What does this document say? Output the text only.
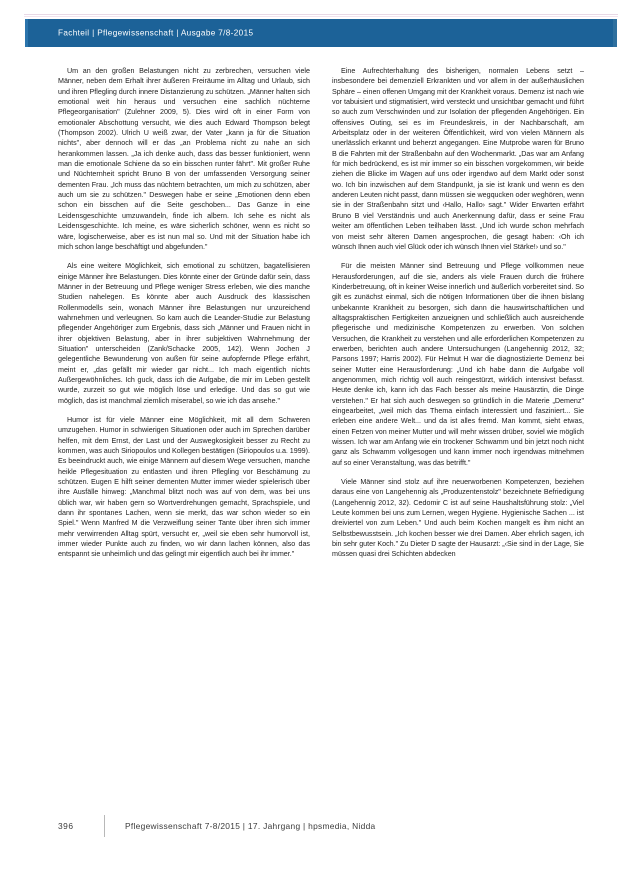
Fachteil | Pflegewissenschaft | Ausgabe 7/8-2015

Um an den großen Belastungen nicht zu zerbrechen, versuchen viele Männer, neben dem Erhalt ihrer äußeren Freiräume im Alltag und Urlaub, sich und ihren Pflegling durch innere Distanzierung zu schützen. „Männer halten sich emotional weit hin heraus und versuchen eine sachlich nüchterne Pflegeorganisation" (Zulehner 2009, 5). Dies wird oft in einer Form von emotionaler Abschottung versucht, wie dies auch Edward Thompson belegt (Thompson 2002). Ulrich U weiß zwar, der Vater „kann ja für die Situation nichts", aber dennoch will er das „an Problema nicht zu nahe an sich herankommen lassen. „Ja ich denke auch, dass das besser funktioniert, wenn man die emotionale Schiene da so ein bisschen runter fährt". Mit großer Ruhe und Nüchternheit spricht Bruno B von der umfassenden Versorgung seiner dementen Frau. „Ich muss das nüchtern betrachten, um mich zu schützen, aber auch um sie zu schützen." Deswegen habe er seine „Emotionen denn eben schon ein bisschen auf die Seite geschoben... Das Ganze in eine Leidensgeschichte umzuwandeln, finde ich albern. Ich sehe es nicht als Leidensgeschichte. Ich meine, es wäre sicherlich schöner, wenn es nicht so wäre, logischerweise, aber es ist nun mal so. Und mit der Situation habe ich mich schon lange beschäftigt und abgefunden."

Als eine weitere Möglichkeit, sich emotional zu schützen, bagatellisieren einige Männer ihre Belastungen. Dies könnte einer der Gründe dafür sein, dass Männer in der Betreuung und Pflege weniger Stress erleben, wie dies manche Studien nahelegen. Es könnte aber auch Ausdruck des klassischen Rollenmodells sein, wonach Männer ihre Belastungen nur unzureichend wahrnehmen und verleugnen. So kam auch die Leander-Studie zur Belastung pflegender Angehöriger zum Ergebnis, dass sich „Männer und Frauen nicht in ihrer objektiven Belastung, aber in ihrer subjektiven Wahrnehmung der Situation" unterscheiden (Zank/Schacke 2005, 142). Wenn Jochen J gelegentliche Bewunderung von außen für seine aufopfernde Pflege erfährt, meint er, „das gefällt mir wieder gar nicht... Ich mach eigentlich nichts Außergewöhnliches. Ich guck, dass ich die Aufgabe, die mir im Leben gestellt wurde, zurzeit so gut wie möglich löse und erledige. Und das so gut wie möglich, das ist manchmal ziemlich miserabel, so wie ich das ansehe."

Humor ist für viele Männer eine Möglichkeit, mit all dem Schweren umzugehen. Humor in schwierigen Situationen oder auch im Sprechen darüber helfen, mit dem Ernst, der Last und der Auswegkosigkeit besser zu Recht zu kommen, was auch Siriopoulos und Kollegen bestätigen (Siriopoulos u.a. 1999). Es beeindruckt auch, wie einige Männern auf diesem Wege versuchen, manche heikle Pflegesituation zu entlasten und ihren Pflegling vor Beschämung zu schützen. Eugen E hilft seiner dementen Mutter immer wieder spielerisch über ihre Ausfälle hinweg: „Manchmal blitzt noch was auf von dem, was bei uns üblich war, wir haben gern so Wortverdrehungen gemacht, Sprachspiele, und dann ihr spontanes Lachen, wenn sie merkt, das war schon wieder so ein Spiel." Wenn Manfred M die Verzweiflung seiner Tante über ihren sich immer mehr verwirrenden Alltag spürt, versucht er, „weil sie eben sehr humorvoll ist, immer wieder Punkte auch zu finden, wo wir dann lachen können, also das entspannt sie unheimlich und das gelingt mir eigentlich auch bei ihr immer."

Eine Aufrechterhaltung des bisherigen, normalen Lebens setzt – insbesondere bei demenziell Erkrankten und vor allem in der außerhäuslichen Sphäre – einen offenen Umgang mit der Krankheit voraus. Demenz ist nach wie vor tabuisiert und stigmatisiert, wird versteckt und unsichtbar gemacht und führt so auch zum Verschwinden und zur Isolation der pflegenden Angehörigen. Ein offensives Outing, sei es im Freundeskreis, in der Nachbarschaft, am Arbeitsplatz oder in der weiteren Öffentlichkeit, wird von vielen Männern als unerlässlich erkannt und beherzt angegangen. Eine Mutprobe waren für Bruno B die Fahrten mit der Straßenbahn auf den Wochenmarkt. „Das war am Anfang für mich bedrückend, es ist mir immer so ein bisschen vorgekommen, wir beide ziehen die Blicke im Wagen auf uns oder irgendwo auf dem Markt oder sonst wo. Ich bin inzwischen auf dem Standpunkt, ja sie ist krank und wenn es den anderen Leuten nicht passt, dann müssen sie wegqucken oder weghören, wenn sie in der Straßenbahn sitzt und ‹Hallo, Hallo› sagt." Wider Erwarten erfährt Bruno B viel Verständnis und auch Anerkennung dafür, dass er seine Frau weiter am öffentlichen Leben teilhaben lässt. „Und ich wurde schon mehrfach von meist sehr älteren Damen angesprochen, die gesagt haben: ‹Oh ich wünsch Ihnen auch viel Glück oder ich wünsch Ihnen viel Stärke!› und so."

Für die meisten Männer sind Betreuung und Pflege vollkommen neue Herausforderungen, auf die sie, anders als viele Frauen durch die frühere Kinderbetreuung, oft in keiner Weise innerlich und äußerlich vorbereitet sind. So gilt es zunächst einmal, sich die nötigen Informationen über die ihnen bislang unbekannte Krankheit zu besorgen, sich dann die hauswirtschaftlichen und alltagspraktischen Fertigkeiten anzueignen und schließlich auch ausreichende pflegerische und medizinische Kompetenzen zu erwerben. Von solchen Versuchen, die Krankheit zu verstehen und alle erforderlichen Kompetenzen zu erwerben, berichten auch andere Untersuchungen (Langehennig 2012, 32; Parsons 1997; Harris 2002). Für Helmut H war die diagnostizierte Demenz bei seiner Mutter eine Herausforderung: „Und ich habe dann die Aufgabe voll angenommen, mich richtig voll auch reingestürzt, wirklich intensivst befasst. Heute denke ich, kann ich das Fach besser als meine Hausärztin, die Dinge verstehen." Er hat sich auch deswegen so gründlich in die Materie „Demenz" eingearbeitet, „weil mich das Thema einfach interessiert und fasziniert... Sie erleben eine andere Welt... und da ist alles fremd. Man kommt, sieht etwas, einen Fetzen von meiner Mutter und will mehr wissen drüber, soviel wie möglich wissen. Ich war am Anfang wie ein trockener Schwamm und bin jetzt noch nicht ganz als Schwamm vollgesogen und kann immer noch irgendwas mitnehmen auf so einer Veranstaltung, was das betrifft."

Viele Männer sind stolz auf ihre neuerworbenen Kompetenzen, beziehen daraus eine von Langehennig als „Produzentenstolz" bezeichnete Befriedigung (Langehennig 2012, 32). Cedomir C ist auf seine Haushaltsführung stolz: „Viel Leute kommen bei uns zum Lernen, wegen Hygiene. Hygienische Sachen ... ist dreiviertel von zum Leben." Und auch beim Kochen mangelt es ihm nicht an Selbstbewusstsein. „Ich kochen besser wie drei Damen. Aber ehrlich sagen, ich bin sehr guter Koch." Zu Dieter D sagte der Hausarzt: „‹Sie sind in der Lage, Sie müssen quasi drei Schichten abdecken

396	Pflegewissenschaft 7-8/2015 | 17. Jahrgang | hpsmedia, Nidda
